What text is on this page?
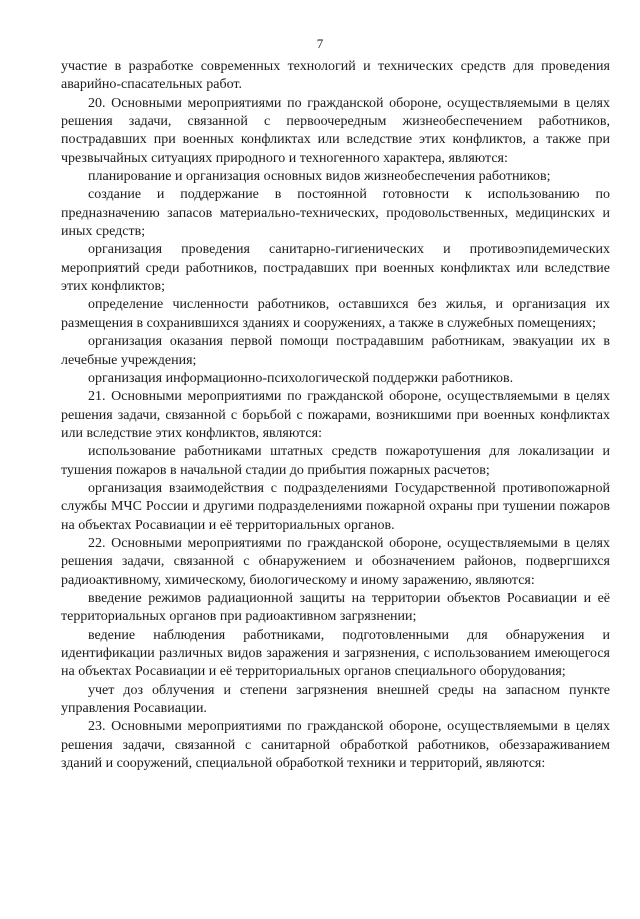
7

участие в разработке современных технологий и технических средств для проведения аварийно-спасательных работ.

20. Основными мероприятиями по гражданской обороне, осуществляемыми в целях решения задачи, связанной с первоочередным жизнеобеспечением работников, пострадавших при военных конфликтах или вследствие этих конфликтов, а также при чрезвычайных ситуациях природного и техногенного характера, являются:

планирование и организация основных видов жизнеобеспечения работников;

создание и поддержание в постоянной готовности к использованию по предназначению запасов материально-технических, продовольственных, медицинских и иных средств;

организация проведения санитарно-гигиенических и противоэпидемических мероприятий среди работников, пострадавших при военных конфликтах или вследствие этих конфликтов;

определение численности работников, оставшихся без жилья, и организация их размещения в сохранившихся зданиях и сооружениях, а также в служебных помещениях;

организация оказания первой помощи пострадавшим работникам, эвакуации их в лечебные учреждения;

организация информационно-психологической поддержки работников.

21. Основными мероприятиями по гражданской обороне, осуществляемыми в целях решения задачи, связанной с борьбой с пожарами, возникшими при военных конфликтах или вследствие этих конфликтов, являются:

использование работниками штатных средств пожаротушения для локализации и тушения пожаров в начальной стадии до прибытия пожарных расчетов;

организация взаимодействия с подразделениями Государственной противопожарной службы МЧС России и другими подразделениями пожарной охраны при тушении пожаров на объектах Росавиации и её территориальных органов.

22. Основными мероприятиями по гражданской обороне, осуществляемыми в целях решения задачи, связанной с обнаружением и обозначением районов, подвергшихся радиоактивному, химическому, биологическому и иному заражению, являются:

введение режимов радиационной защиты на территории объектов Росавиации и её территориальных органов при радиоактивном загрязнении;

ведение наблюдения работниками, подготовленными для обнаружения и идентификации различных видов заражения и загрязнения, с использованием имеющегося на объектах Росавиации и её территориальных органов специального оборудования;

учет доз облучения и степени загрязнения внешней среды на запасном пункте управления Росавиации.

23. Основными мероприятиями по гражданской обороне, осуществляемыми в целях решения задачи, связанной с санитарной обработкой работников, обеззараживанием зданий и сооружений, специальной обработкой техники и территорий, являются:
